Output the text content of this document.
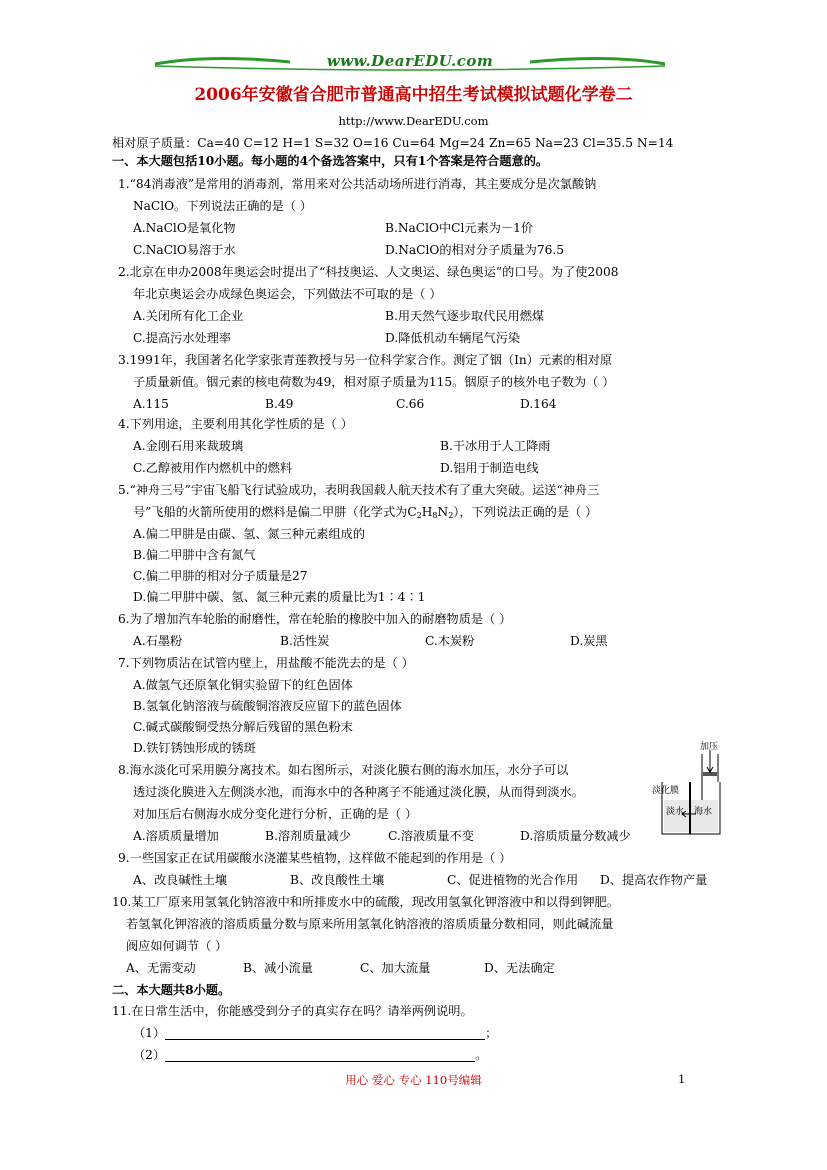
www.DearEDU.com
2006年安徽省合肥市普通高中招生考试模拟试题化学卷二
http://www.DearEDU.com
相对原子质量：Ca=40 C=12 H=1 S=32 O=16 Cu=64 Mg=24 Zn=65 Na=23 Cl=35.5 N=14
一、本大题包括10小题。每小题的4个备选答案中，只有1个答案是符合题意的。
1.“84消毒液”是常用的消毒剂，常用来对公共活动场所进行消毒，其主要成分是次氯酸钠
NaClO。下列说法正确的是（ ）
A.NaClO是氧化物	B.NaClO中Cl元素为－1价
C.NaClO易溶于水	D.NaClO的相对分子质量为76.5
2.北京在申办2008年奥运会时提出了“科技奥运、人文奥运、绿色奥运”的口号。为了使2008
年北京奥运会办成绿色奥运会，下列做法不可取的是（ ）
A.关闭所有化工企业	B.用天然气逐步取代民用燃煤
C.提高污水处理率	D.降低机动车辆尾气污染
3.1991年，我国著名化学家张青莲教授与另一位科学家合作。测定了铟（In）元素的相对原
子质量新值。铟元素的核电荷数为49，相对原子质量为115。铟原子的核外电子数为（ ）
A.115	B.49	C.66	D.164
4.下列用途，主要利用其化学性质的是（ ）
A.金刚石用来裁玻璃	B.干冰用于人工降雨
C.乙醇被用作内燃机中的燃料	D.铝用于制造电线
5.“神舟三号”宇宙飞船飞行试验成功，表明我国载人航天技术有了重大突破。运送“神舟三
号”飞船的火箭所使用的燃料是偏二甲肼（化学式为$C_2H_8N_2$），下列说法正确的是（ ）
A.偏二甲肼是由碳、氢、氮三种元素组成的
B.偏二甲肼中含有氮气
C.偏二甲肼的相对分子质量是27
D.偏二甲肼中碳、氢、氮三种元素的质量比为1∶4∶1
6.为了增加汽车轮胎的耐磨性，常在轮胎的橡胶中加入的耐磨物质是（ ）
A.石墨粉	B.活性炭	C.木炭粉	D.炭黑
7.下列物质沾在试管内壁上，用盐酸不能洗去的是（ ）
A.做氢气还原氧化铜实验留下的红色固体
B.氢氧化钠溶液与硫酸铜溶液反应留下的蓝色固体
C.碱式碳酸铜受热分解后残留的黑色粉末
D.铁钉锈蚀形成的锈斑
8.海水淡化可采用膜分离技术。如右图所示，对淡化膜右侧的海水加压，水分子可以
透过淡化膜进入左侧淡水池，而海水中的各种离子不能通过淡化膜，从而得到淡水。
对加压后右侧海水成分变化进行分析，正确的是（ ）
A.溶质质量增加	B.溶剂质量减少	C.溶液质量不变	D.溶质质量分数减少
加压
淡化膜
淡水 海水
9.一些国家正在试用碳酸水浇灌某些植物，这样做不能起到的作用是（ ）
A、改良碱性土壤	B、改良酸性土壤	C、促进植物的光合作用 D、提高农作物产量
10.某工厂原来用氢氧化钠溶液中和所排废水中的硫酸，现改用氢氧化钾溶液中和以得到钾肥。
若氢氧化钾溶液的溶质质量分数与原来所用氢氧化钠溶液的溶质质量分数相同，则此碱流量
阀应如何调节（ ）
A、无需变动	B、减小流量	C、加大流量	D、无法确定
二、本大题共8小题。
11.在日常生活中，你能感受到分子的真实存在吗？请举两例说明。
（1）	；
（2）	。
用心 爱心 专心 110号编辑	1
